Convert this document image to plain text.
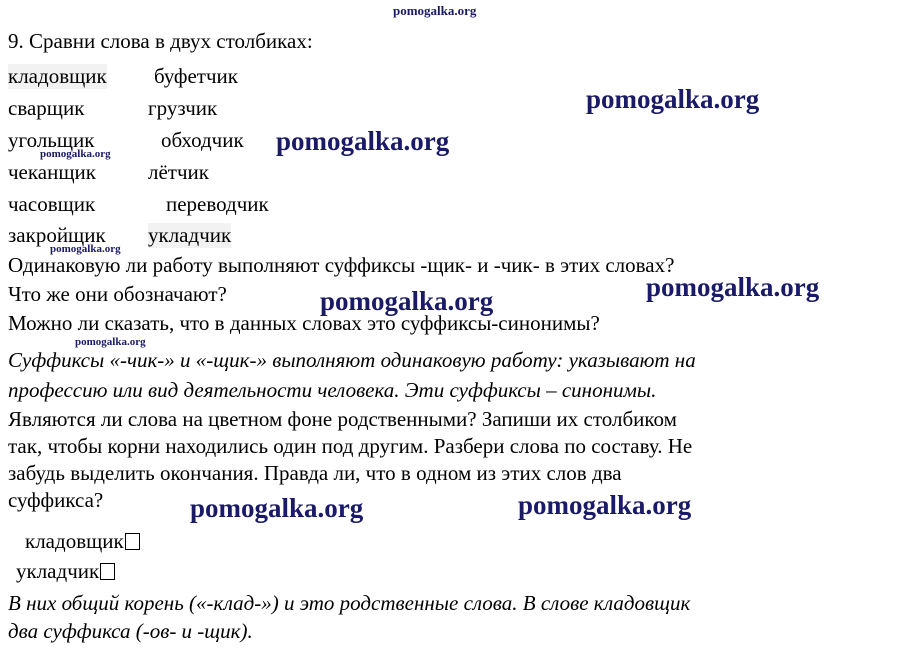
pomogalka.org
pomogalka.org
pomogalka.org
pomogalka.org
pomogalka.org
pomogalka.org
pomogalka.org
pomogalka.org
pomogalka.org	pomogalka.org
9. Сравни слова в двух столбиках:
кладовщик буфетчик
сварщик	грузчик
угольщик	обходчик
чеканщик лётчик
часовщик	переводчик
закройщик укладчик
Одинаковую ли работу выполняют суффиксы -щик- и -чик- в этих словах?
Что же они обозначают?
Можно ли сказать, что в данных словах это суффиксы-синонимы?
Суффиксы «-чик-» и «-щик-» выполняют одинаковую работу: указывают на
профессию или вид деятельности человека. Эти суффиксы – синонимы.
Являются ли слова на цветном фоне родственными? Запиши их столбиком
так, чтобы корни находились один под другим. Разбери слова по составу. Не
забудь выделить окончания. Правда ли, что в одном из этих слов два
суффикса?
кладовщик
укладчик
В них общий корень («-клад-») и это родственные слова. В слове кладовщик
два суффикса (-ов- и -щик).
